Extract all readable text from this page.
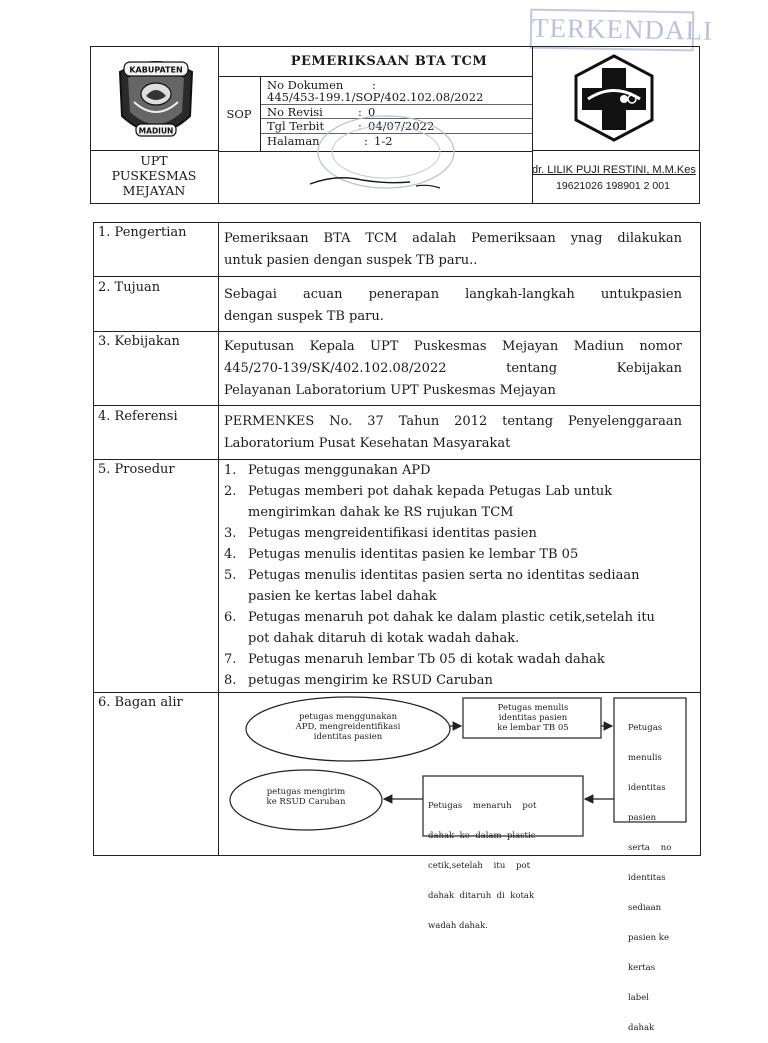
TERKENDALI
KABUPATEN
MADIUN
PEMERIKSAAN BTA TCM
SOP
No Dokumen :
445/453-199.1/SOP/402.102.08/2022
No Revisi	: 0
Tgl Terbit	: 04/07/2022
Halaman	: 1-2
UPT
PUSKESMAS
MEJAYAN
dr. LILIK PUJI RESTINI, M.M.Kes
19621026 198901 2 001
1. Pengertian	Pemeriksaan BTA TCM adalah Pemeriksaan ynag dilakukan
untuk pasien dengan suspek TB paru..
2. Tujuan	Sebagai acuan penerapan langkah-langkah untukpasien
dengan suspek TB paru.
3. Kebijakan	Keputusan Kepala UPT Puskesmas Mejayan Madiun nomor
445/270-139/SK/402.102.08/2022 tentang Kebijakan
Pelayanan Laboratorium UPT Puskesmas Mejayan
4. Referensi	PERMENKES No. 37 Tahun 2012 tentang Penyelenggaraan
Laboratorium Pusat Kesehatan Masyarakat
5. Prosedur	1. Petugas menggunakan APD
2. Petugas memberi pot dahak kepada Petugas Lab untuk
mengirimkan dahak ke RS rujukan TCM
3. Petugas mengreidentifikasi identitas pasien
4. Petugas menulis identitas pasien ke lembar TB 05
5. Petugas menulis identitas pasien serta no identitas sediaan
pasien ke kertas label dahak
6. Petugas menaruh pot dahak ke dalam plastic cetik,setelah itu
pot dahak ditaruh di kotak wadah dahak.
7. Petugas menaruh lembar Tb 05 di kotak wadah dahak
8. petugas mengirim ke RSUD Caruban
6. Bagan alir
petugas menggunakan
APD, mengreidentifikasi
identitas pasien
Petugas menulis
identitas pasien
ke lembar TB 05

	Petugas

menulis

identitas

pasien

serta    no

identitas

sediaan

pasien ke

kertas

label

dahak

Petugas    menaruh    pot

dahak  ke  dalam  plastic

cetik,setelah    itu    pot

dahak  ditaruh  di  kotak

wadah dahak.

petugas mengirim
ke RSUD Caruban
